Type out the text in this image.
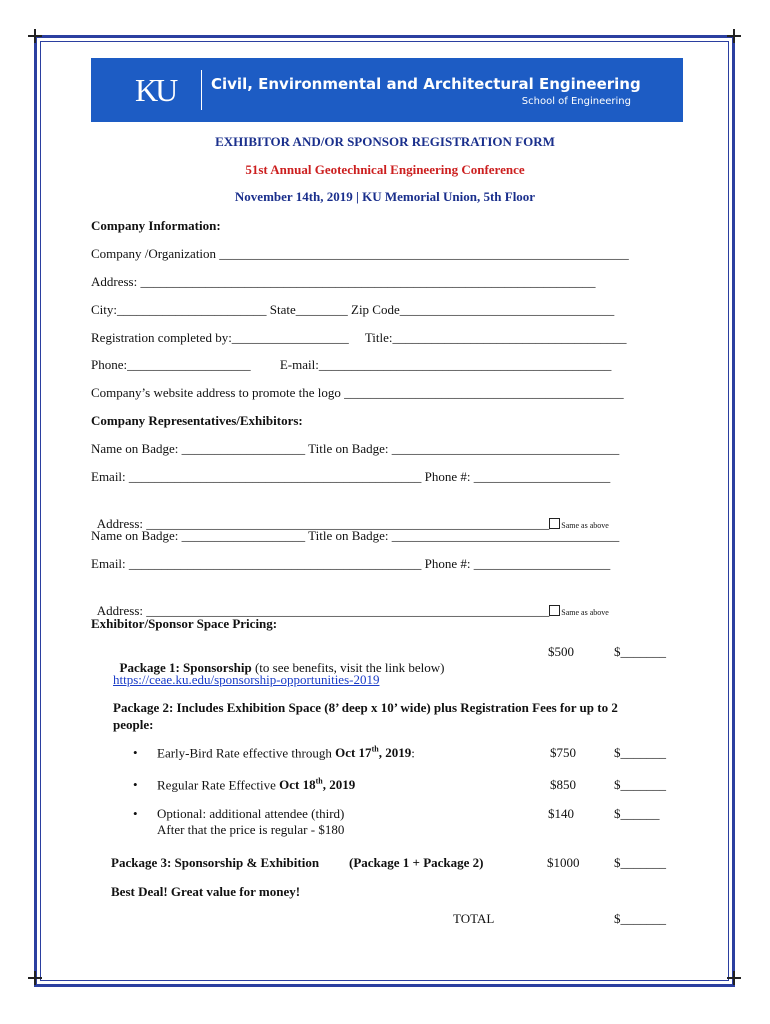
KU Civil, Environmental and Architectural Engineering
School of Engineering
EXHIBITOR AND/OR SPONSOR REGISTRATION FORM
51st Annual Geotechnical Engineering Conference
November 14th, 2019 | KU Memorial Union, 5th Floor
Company Information:
Company /Organization _______________________________________________________________
Address: ______________________________________________________________________
City:_______________________ State________ Zip Code_________________________________
Registration completed by:__________________     Title:____________________________________
Phone:___________________         E-mail:_____________________________________________
Company’s website address to promote the logo ___________________________________________
Company Representatives/Exhibitors:
Name on Badge: ___________________ Title on Badge: ___________________________________
Email: _____________________________________________ Phone #: _____________________

Address: ______________________________________________________________ Same as above

Name on Badge: ___________________ Title on Badge: ___________________________________
Email: _____________________________________________ Phone #: _____________________

Address: ______________________________________________________________ Same as above

Exhibitor/Sponsor Space Pricing:

Package 1: Sponsorship (to see benefits, visit the link below)

$500	$_______
https://ceae.ku.edu/sponsorship-opportunities-2019
Package 2: Includes Exhibition Space (8’ deep x 10’ wide) plus Registration Fees for up to 2
people:
• Early-Bird Rate effective through Oct 17th, 2019:	$750	$_______
• Regular Rate Effective Oct 18th, 2019	$850	$_______
• Optional: additional attendee (third)
After that the price is regular - $180
$140	$______
Package 3: Sponsorship & Exhibition (Package 1 + Package 2)	$1000	$_______
Best Deal! Great value for money!
TOTAL	$_______
